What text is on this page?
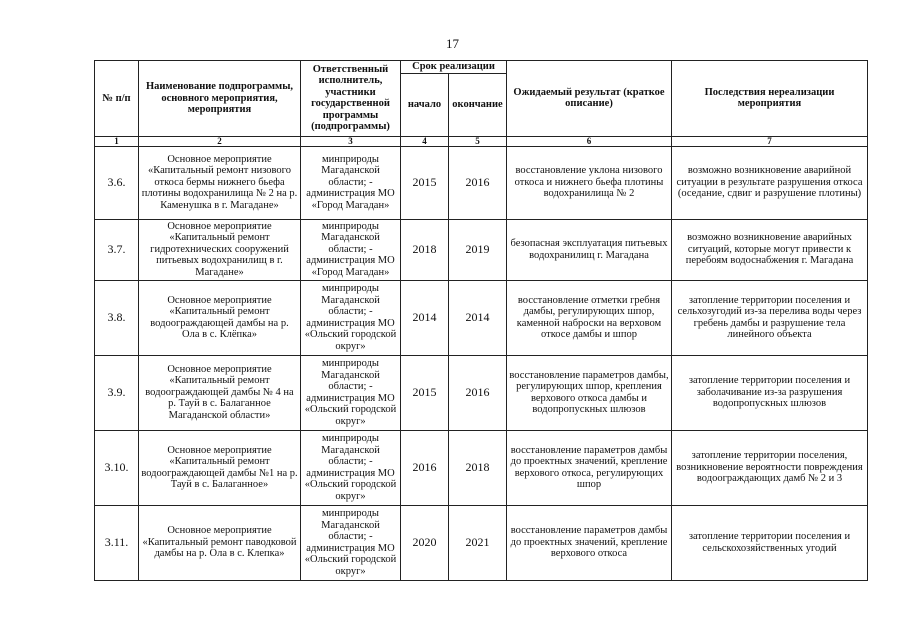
17
№ п/п	Наименование подпрограммы, основного мероприятия, мероприятия	Ответственный исполнитель, участники государственной программы (подпрограммы)	Срок реализации		Ожидаемый результат (краткое описание)	Последствия нереализации мероприятия
			начало	окончание		
1	2	3	4	5	6	7
3.6.	Основное мероприятие «Капитальный ремонт низового откоса бермы нижнего бьефа плотины водохранилища № 2 на р. Каменушка в г. Магадане»	минприроды Магаданской области; - администрация МО «Город Магадан»	2015	2016	восстановление уклона низового откоса и нижнего бьефа плотины водохранилища № 2	возможно возникновение аварийной ситуации в результате разрушения откоса (оседание, сдвиг и разрушение плотины)
3.7.	Основное мероприятие «Капитальный ремонт гидротехнических сооружений питьевых водохранилищ в г. Магадане»	минприроды Магаданской области; - администрация МО «Город Магадан»	2018	2019	безопасная эксплуатация питьевых водохранилищ г. Магадана	возможно возникновение аварийных ситуаций, которые могут привести к перебоям водоснабжения г. Магадана
3.8.	Основное мероприятие «Капитальный ремонт водоограждающей дамбы на р. Ола в с. Клёпка»	минприроды Магаданской области; - администрация МО «Ольский городской округ»	2014	2014	восстановление отметки гребня дамбы, регулирующих шпор, каменной наброски на верховом откосе дамбы и шпор	затопление территории поселения и сельхозугодий из-за перелива воды через гребень дамбы и разрушение тела линейного объекта
3.9.	Основное мероприятие «Капитальный ремонт водоограждающей дамбы № 4 на р. Тауй в с. Балаганное Магаданской области»	минприроды Магаданской области; - администрация МО «Ольский городской округ»	2015	2016	восстановление параметров дамбы, регулирующих шпор, крепления верхового откоса дамбы и водопропускных шлюзов	затопление территории поселения и заболачивание из-за разрушения водопропускных шлюзов
3.10.	Основное мероприятие «Капитальный ремонт водоограждающей дамбы №1 на р. Тауй в с. Балаганное»	минприроды Магаданской области; - администрация МО «Ольский городской округ»	2016	2018	восстановление параметров дамбы до проектных значений, крепление верхового откоса, регулирующих шпор	затопление территории поселения, возникновение вероятности повреждения водоограждающих дамб № 2 и 3
3.11.	Основное мероприятие «Капитальный ремонт паводковой дамбы на р. Ола в с. Клепка»	минприроды Магаданской области; - администрация МО «Ольский городской округ»	2020	2021	восстановление параметров дамбы до проектных значений, крепление верхового откоса	затопление территории поселения и сельскохозяйственных угодий
